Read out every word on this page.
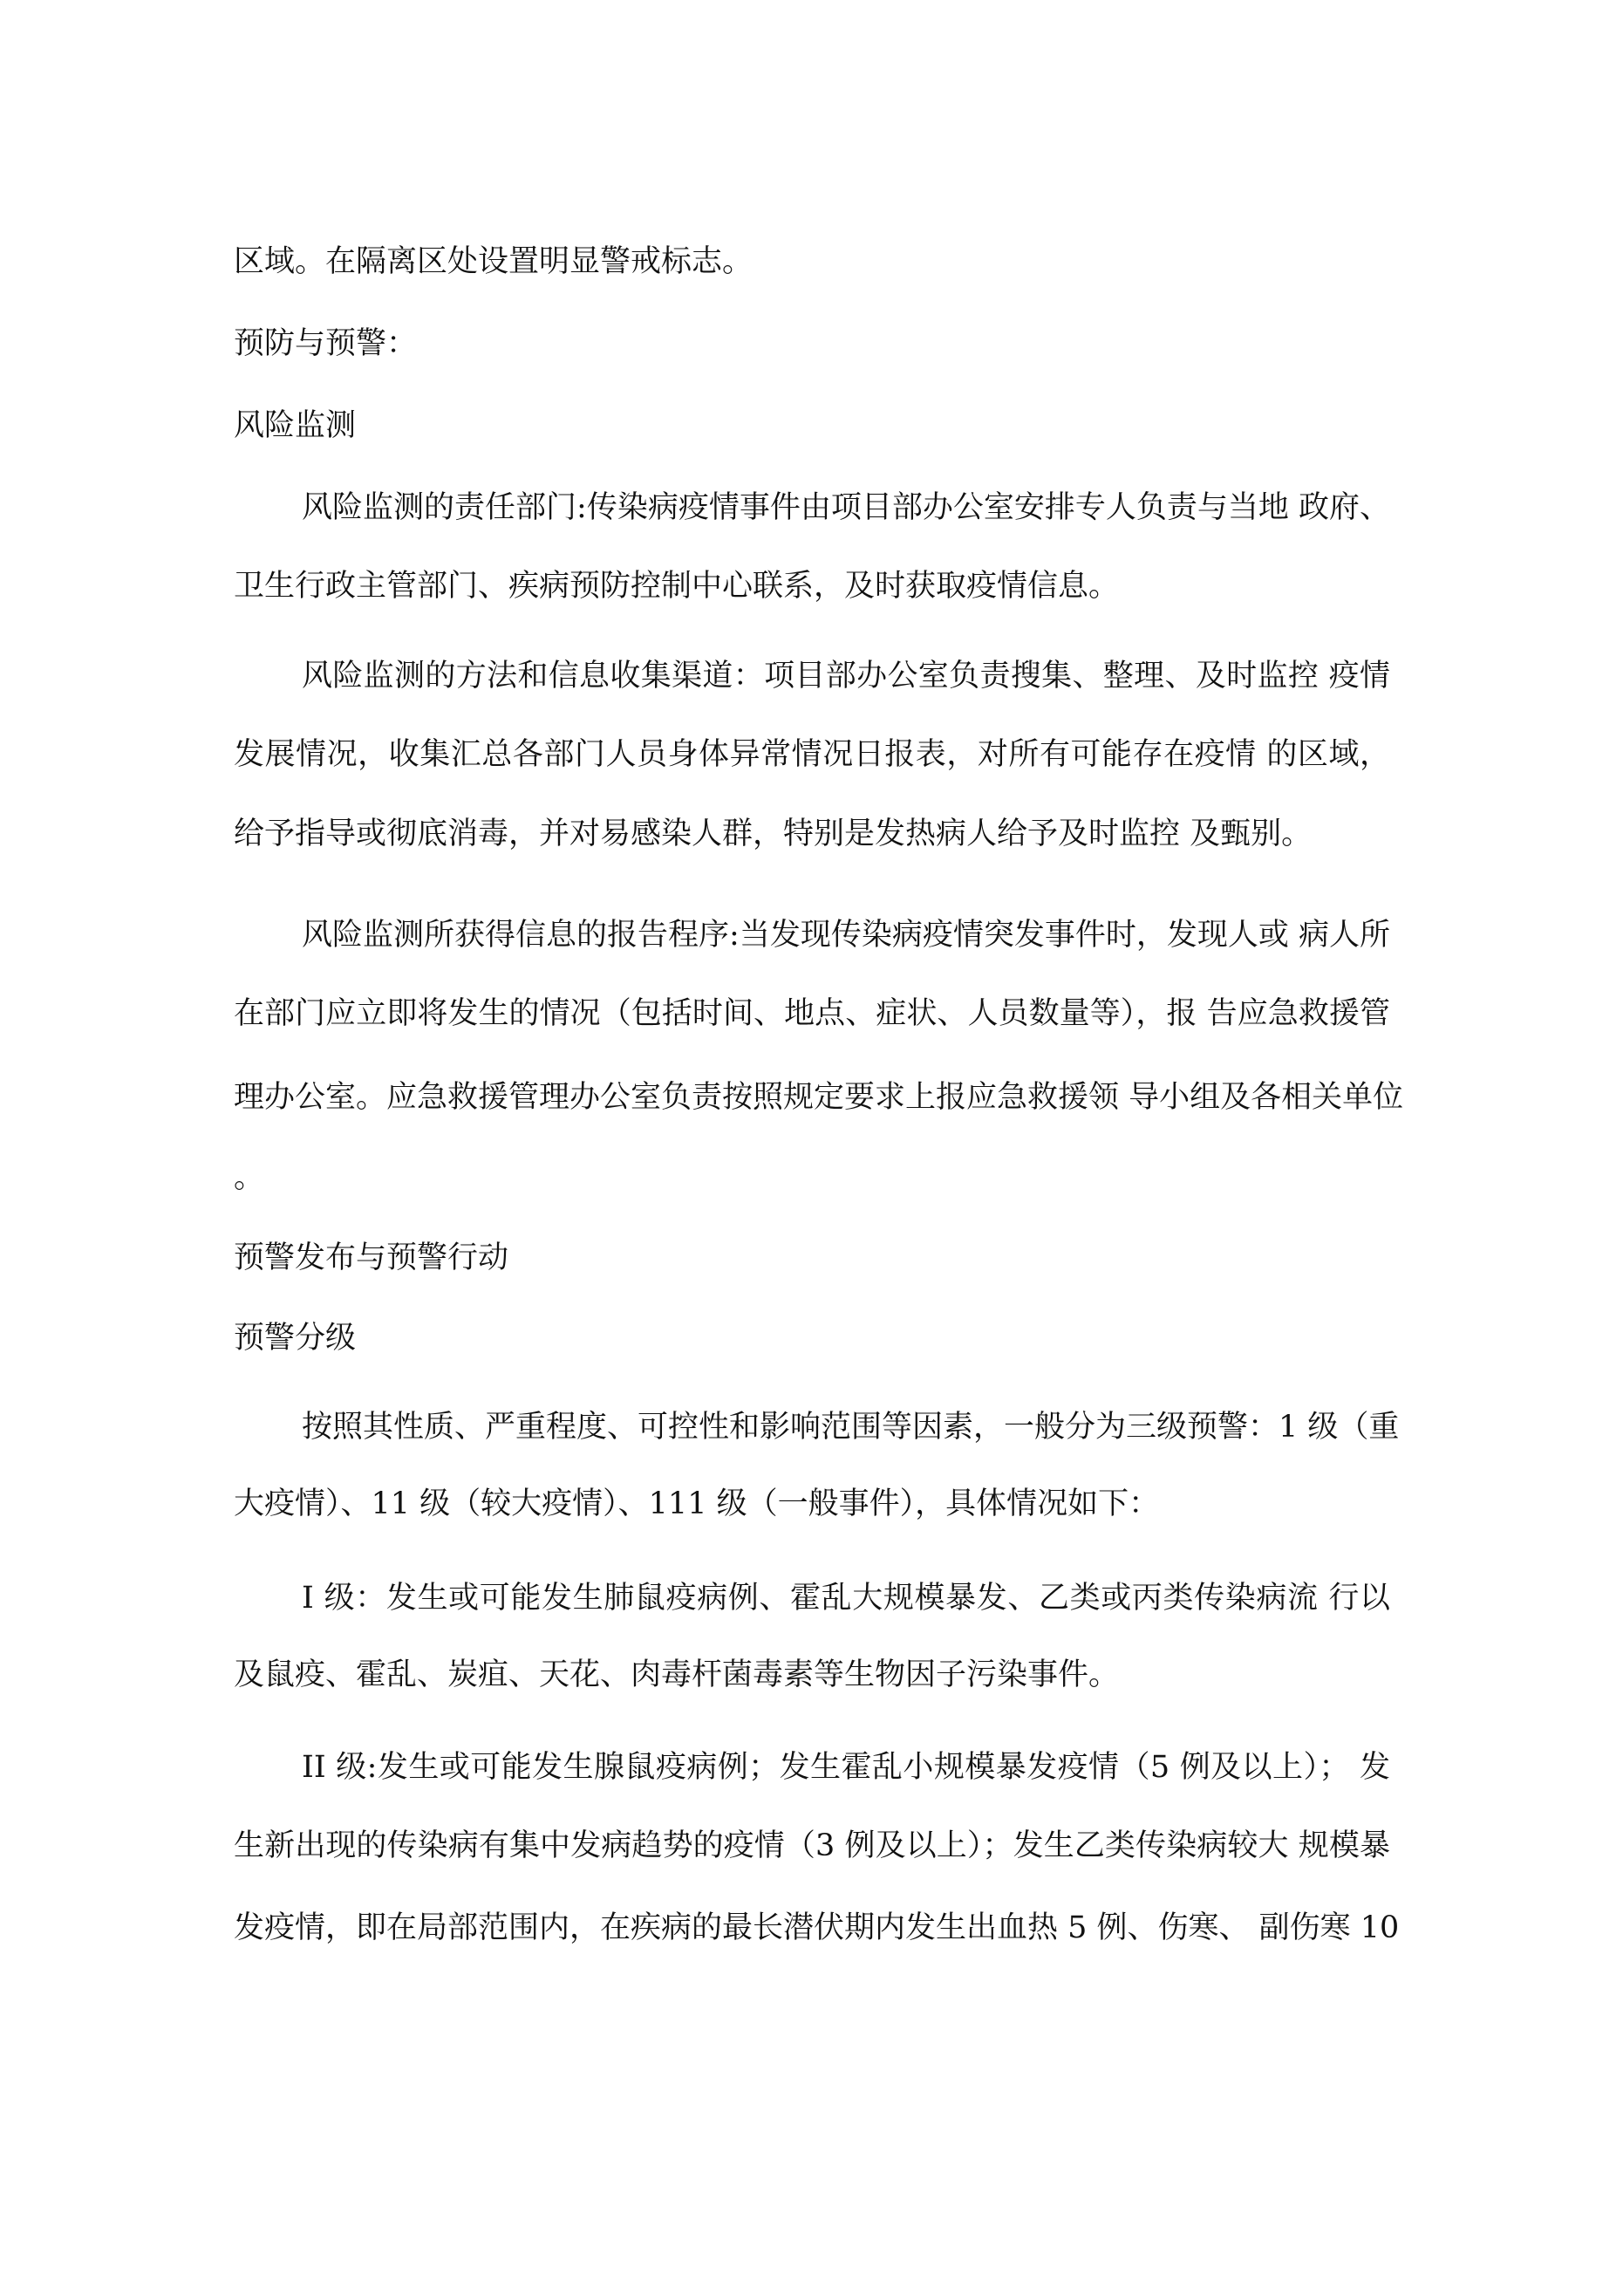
区域。在隔离区处设置明显警戒标志。

预防与预警：

风险监测

风险监测的责任部门:传染病疫情事件由项目部办公室安排专人负责与当地 政府、

卫生行政主管部门、疾病预防控制中心联系，及时获取疫情信息。

风险监测的方法和信息收集渠道：项目部办公室负责搜集、整理、及时监控 疫情

发展情况，收集汇总各部门人员身体异常情况日报表，对所有可能存在疫情 的区域，

给予指导或彻底消毒，并对易感染人群，特别是发热病人给予及时监控 及甄别。

风险监测所获得信息的报告程序:当发现传染病疫情突发事件时，发现人或 病人所

在部门应立即将发生的情况（包括时间、地点、症状、人员数量等），报 告应急救援管

理办公室。应急救援管理办公室负责按照规定要求上报应急救援领 导小组及各相关单位

。

预警发布与预警行动

预警分级

按照其性质、严重程度、可控性和影响范围等因素，一般分为三级预警：1 级（重

大疫情）、11 级（较大疫情）、111 级（一般事件），具体情况如下：

I 级：发生或可能发生肺鼠疫病例、霍乱大规模暴发、乙类或丙类传染病流 行以

及鼠疫、霍乱、炭疽、天花、肉毒杆菌毒素等生物因子污染事件。

II 级:发生或可能发生腺鼠疫病例；发生霍乱小规模暴发疫情（5 例及以上）； 发

生新出现的传染病有集中发病趋势的疫情（3 例及以上）；发生乙类传染病较大 规模暴

发疫情，即在局部范围内，在疾病的最长潜伏期内发生出血热 5 例、伤寒、 副伤寒 10
